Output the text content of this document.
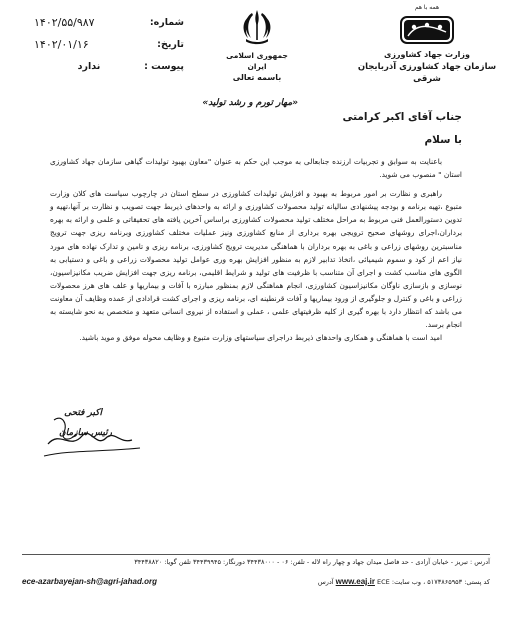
۱۴۰۲/۵۵/۹۸۷	شماره:
۱۴۰۲/۰۱/۱۶	تاریخ:
ندارد	پیوست :
جمهوری اسلامی ایران
باسمه تعالی
همه با هم
وزارت جهاد کشاورزی
سازمان جهاد کشاورزی آذربایجان شرقی
«مهار تورم و رشد تولید»
جناب آقای اکبر کرامتی
با سلام

باعنایت به سوابق و تجربیات ارزنده جنابعالی به موجب این حکم به عنوان "معاون بهبود تولیدات گیاهی سازمان جهاد کشاورزی استان " منصوب می شوید.

راهبری و نظارت بر امور مربوط به بهبود و افزایش تولیدات کشاورزی در سطح استان در چارچوب سیاست های کلان وزارت متبوع ،تهیه برنامه و بودجه پیشنهادی سالیانه تولید محصولات کشاورزی و ارائه به واحدهای ذیربط جهت تصویب و نظارت بر آنها،تهیه و تدوین دستورالعمل فنی مربوط به مراحل مختلف تولید محصولات کشاورزی براساس آخرین یافته های تحقیقاتی و علمی و ارائه به بهره برداران،اجرای روشهای صحیح ترویجی بهره برداری از منابع کشاورزی ونیز عملیات مختلف کشاورزی وبرنامه ریزی جهت ترویج مناسبترین روشهای زراعی و باغی به بهره برداران با هماهنگی مدیریت ترویج کشاورزی، برنامه ریزی و تامین و تدارک نهاده های مورد نیاز اعم از کود و سموم شیمیائی ،اتخاذ تدابیر لازم به منظور افزایش بهره وری عوامل تولید محصولات زراعی و باغی و دستیابی به الگوی های مناسب کشت و اجرای آن متناسب با ظرفیت های تولید و شرایط اقلیمی، برنامه ریزی جهت افزایش ضریب مکانیزاسیون، نوسازی و بازسازی ناوگان مکانیزاسیون کشاورزی، انجام هماهنگی لازم بمنظور مبارزه با آفات و بیماریها و علف های هرز محصولات زراعی و باغی و کنترل و جلوگیری از ورود بیماریها و آفات قرنطینه ای، برنامه ریزی و اجرای کشت قرادادی از عمده وظایف آن معاونت می باشد که انتظار دارد با بهره گیری از کلیه ظرفیتهای علمی ، عملی و استفاده از نیروی انسانی متعهد و متخصص به نحو شایسته به انجام برسد.

امید است با هماهنگی و همکاری واحدهای ذیربط دراجرای سیاستهای وزارت متبوع و وظایف محوله موفق و موید باشید.

اکبر فتحی
رئیس سازمان
آدرس : تبریز - خیابان آزادی - حد فاصل میدان جهاد و چهار راه لاله - تلفن: ۰۶ - ۳۴۴۳۸۰۰۰ دورنگار: ۳۴۴۳۹۹۴۵ تلفن گویا: ۳۴۴۳۸۸۲۰
ece-azarbayejan-sh@agri-jahad.org	کد پستی: ۵۱۷۳۸۶۵۹۵۳ ، وب سایت: www.eaj.ir ECE آدرس
